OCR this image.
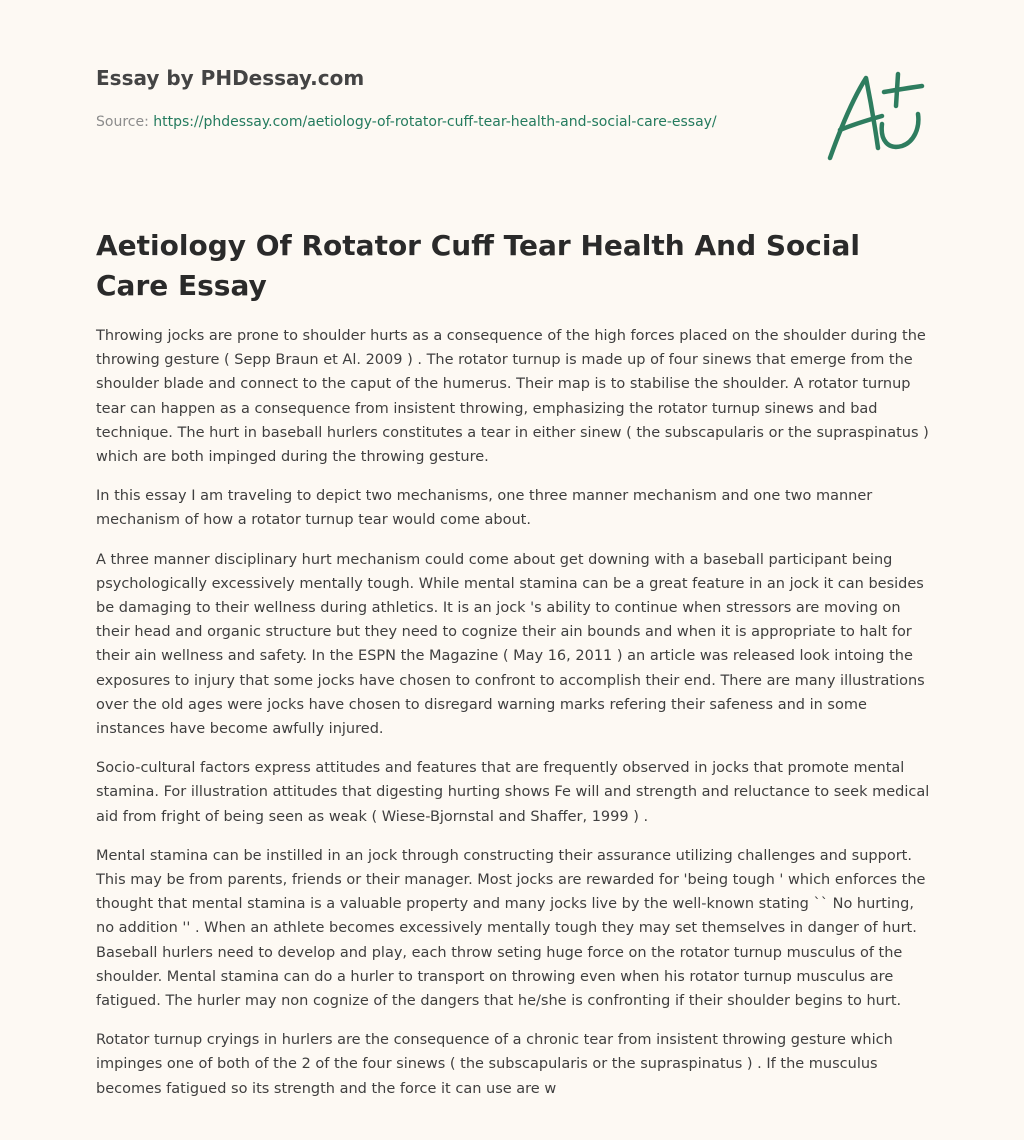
Essay by PHDessay.com
Source: https://phdessay.com/aetiology-of-rotator-cuff-tear-health-and-social-care-essay/
Aetiology Of Rotator Cuff Tear Health And Social Care Essay

Throwing jocks are prone to shoulder hurts as a consequence of the high forces placed on the shoulder during the throwing gesture ( Sepp Braun et Al. 2009 ) . The rotator turnup is made up of four sinews that emerge from the shoulder blade and connect to the caput of the humerus. Their map is to stabilise the shoulder. A rotator turnup tear can happen as a consequence from insistent throwing, emphasizing the rotator turnup sinews and bad technique. The hurt in baseball hurlers constitutes a tear in either sinew ( the subscapularis or the supraspinatus ) which are both impinged during the throwing gesture.

In this essay I am traveling to depict two mechanisms, one three manner mechanism and one two manner mechanism of how a rotator turnup tear would come about.

A three manner disciplinary hurt mechanism could come about get downing with a baseball participant being psychologically excessively mentally tough. While mental stamina can be a great feature in an jock it can besides be damaging to their wellness during athletics. It is an jock 's ability to continue when stressors are moving on their head and organic structure but they need to cognize their ain bounds and when it is appropriate to halt for their ain wellness and safety. In the ESPN the Magazine ( May 16, 2011 ) an article was released look intoing the exposures to injury that some jocks have chosen to confront to accomplish their end. There are many illustrations over the old ages were jocks have chosen to disregard warning marks refering their safeness and in some instances have become awfully injured.

Socio-cultural factors express attitudes and features that are frequently observed in jocks that promote mental stamina. For illustration attitudes that digesting hurting shows Fe will and strength and reluctance to seek medical aid from fright of being seen as weak ( Wiese-Bjornstal and Shaffer, 1999 ) .

Mental stamina can be instilled in an jock through constructing their assurance utilizing challenges and support. This may be from parents, friends or their manager. Most jocks are rewarded for 'being tough ' which enforces the thought that mental stamina is a valuable property and many jocks live by the well-known stating `` No hurting, no addition '' . When an athlete becomes excessively mentally tough they may set themselves in danger of hurt. Baseball hurlers need to develop and play, each throw seting huge force on the rotator turnup musculus of the shoulder. Mental stamina can do a hurler to transport on throwing even when his rotator turnup musculus are fatigued. The hurler may non cognize of the dangers that he/she is confronting if their shoulder begins to hurt.

Rotator turnup cryings in hurlers are the consequence of a chronic tear from insistent throwing gesture which impinges one of both of the 2 of the four sinews ( the subscapularis or the supraspinatus ) . If the musculus becomes fatigued so its strength and the force it can use are w
